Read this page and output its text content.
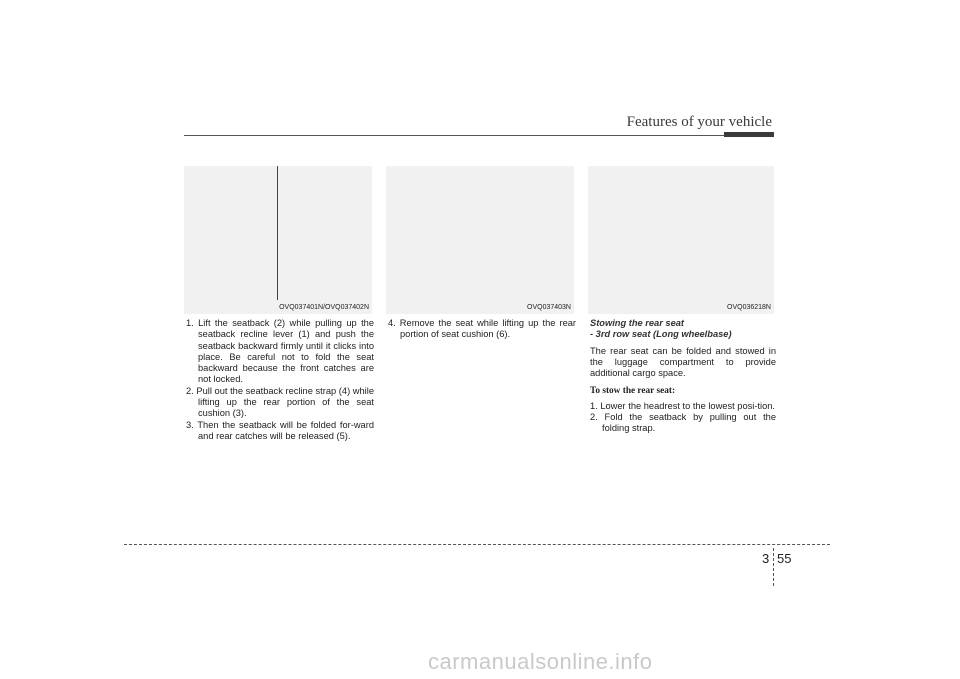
Features of your vehicle
OVQ037401N/OVQ037402N	OVQ037403N	OVQ036218N

1. Lift the seatback (2) while pulling up the seatback recline lever (1) and push the seatback backward firmly until it clicks into place. Be careful not to fold the seat backward because the front catches are not locked.

2. Pull out the seatback recline strap (4) while lifting up the rear portion of the seat cushion (3).

3. Then the seatback will be folded for-ward and rear catches will be released (5).

4. Remove the seat while lifting up the rear portion of seat cushion (6).

Stowing the rear seat

- 3rd row seat (Long wheelbase)

The rear seat can be folded and stowed in the luggage compartment to provide additional cargo space.

To stow the rear seat:

1. Lower the headrest to the lowest posi-tion.

2. Fold the seatback by pulling out the folding strap.

3 55
carmanualsonline.info
